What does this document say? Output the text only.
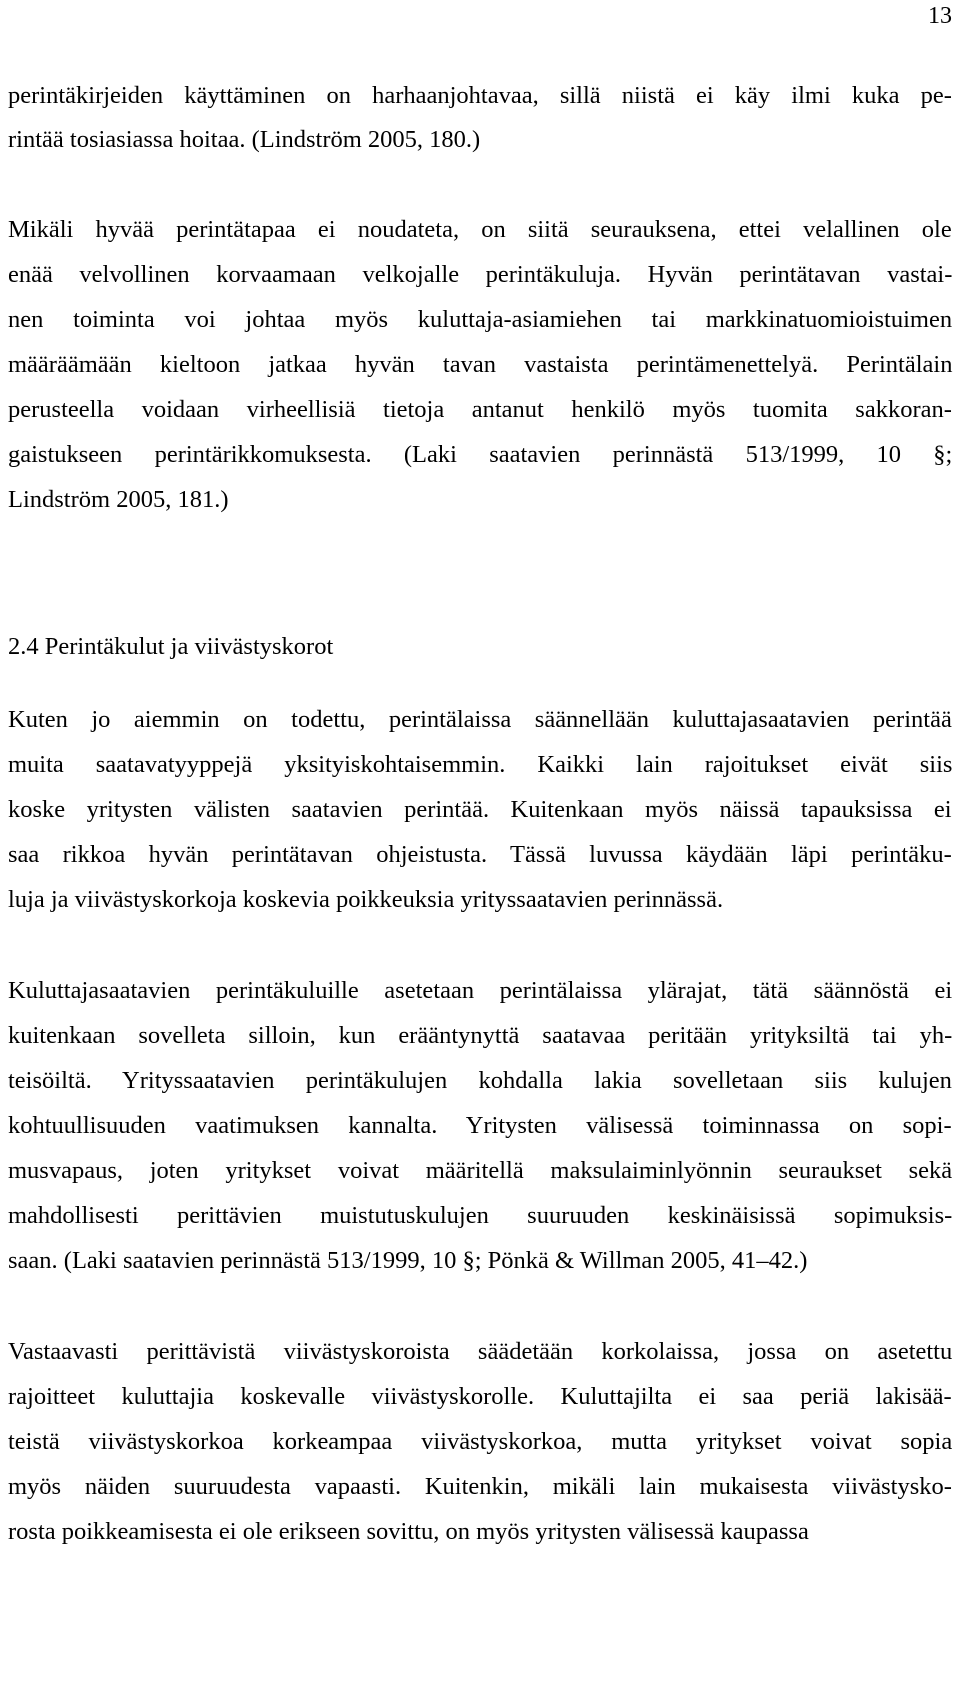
13
perintäkirjeiden käyttäminen on harhaanjohtavaa, sillä niistä ei käy ilmi kuka pe-
rintää tosiasiassa hoitaa. (Lindström 2005, 180.)
Mikäli hyvää perintätapaa ei noudateta, on siitä seurauksena, ettei velallinen ole
enää velvollinen korvaamaan velkojalle perintäkuluja. Hyvän perintätavan vastai-
nen toiminta voi johtaa myös kuluttaja-asiamiehen tai markkinatuomioistuimen
määräämään kieltoon jatkaa hyvän tavan vastaista perintämenettelyä. Perintälain
perusteella voidaan virheellisiä tietoja antanut henkilö myös tuomita sakkoran-
gaistukseen perintärikkomuksesta. (Laki saatavien perinnästä 513/1999, 10 §;
Lindström 2005, 181.)
2.4 Perintäkulut ja viivästyskorot
Kuten jo aiemmin on todettu, perintälaissa säännellään kuluttajasaatavien perintää
muita saatavatyyppejä yksityiskohtaisemmin. Kaikki lain rajoitukset eivät siis
koske yritysten välisten saatavien perintää. Kuitenkaan myös näissä tapauksissa ei
saa rikkoa hyvän perintätavan ohjeistusta. Tässä luvussa käydään läpi perintäku-
luja ja viivästyskorkoja koskevia poikkeuksia yrityssaatavien perinnässä.
Kuluttajasaatavien perintäkuluille asetetaan perintälaissa ylärajat, tätä säännöstä ei
kuitenkaan sovelleta silloin, kun erääntynyttä saatavaa peritään yrityksiltä tai yh-
teisöiltä. Yrityssaatavien perintäkulujen kohdalla lakia sovelletaan siis kulujen
kohtuullisuuden vaatimuksen kannalta. Yritysten välisessä toiminnassa on sopi-
musvapaus, joten yritykset voivat määritellä maksulaiminlyönnin seuraukset sekä
mahdollisesti perittävien muistutuskulujen suuruuden keskinäisissä sopimuksis-
saan. (Laki saatavien perinnästä 513/1999, 10 §; Pönkä & Willman 2005, 41–42.)
Vastaavasti perittävistä viivästyskoroista säädetään korkolaissa, jossa on asetettu
rajoitteet kuluttajia koskevalle viivästyskorolle. Kuluttajilta ei saa periä lakisää-
teistä viivästyskorkoa korkeampaa viivästyskorkoa, mutta yritykset voivat sopia
myös näiden suuruudesta vapaasti. Kuitenkin, mikäli lain mukaisesta viivästysko-
rosta poikkeamisesta ei ole erikseen sovittu, on myös yritysten välisessä kaupassa
